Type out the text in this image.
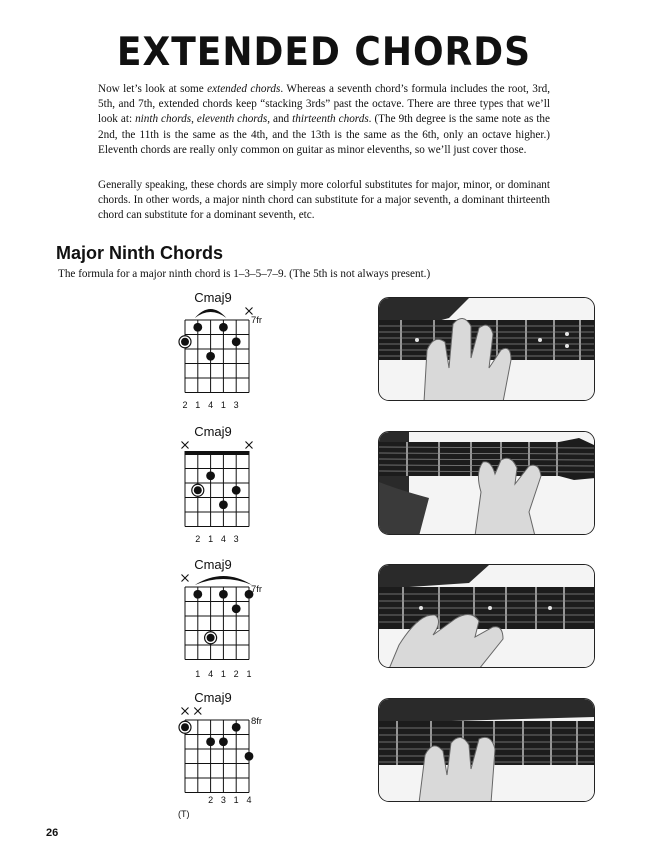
EXTENDED CHORDS

Now let’s look at some extended chords. Whereas a seventh chord’s formula includes the root, 3rd, 5th, and 7th, extended chords keep “stacking 3rds” past the octave. There are three types that we’ll look at: ninth chords, eleventh chords, and thirteenth chords. (The 9th degree is the same note as the 2nd, the 11th is the same as the 4th, and the 13th is the same as the 6th, only an octave higher.) Eleventh chords are really only common on guitar as minor elevenths, so we’ll just cover those.

Generally speaking, these chords are simply more colorful substitutes for major, minor, or dominant chords. In other words, a major ninth chord can substitute for a major seventh, a dominant thirteenth chord can substitute for a dominant seventh, etc.

Major Ninth Chords

The formula for a major ninth chord is 1–3–5–7–9. (The 5th is not always present.)

Cmaj9
7fr
2 1 4 1 3
Cmaj9
2 1 4 3
Cmaj9
7fr
1 4 1 2 1
Cmaj9
8fr
2 3 1 4
(T)
26
